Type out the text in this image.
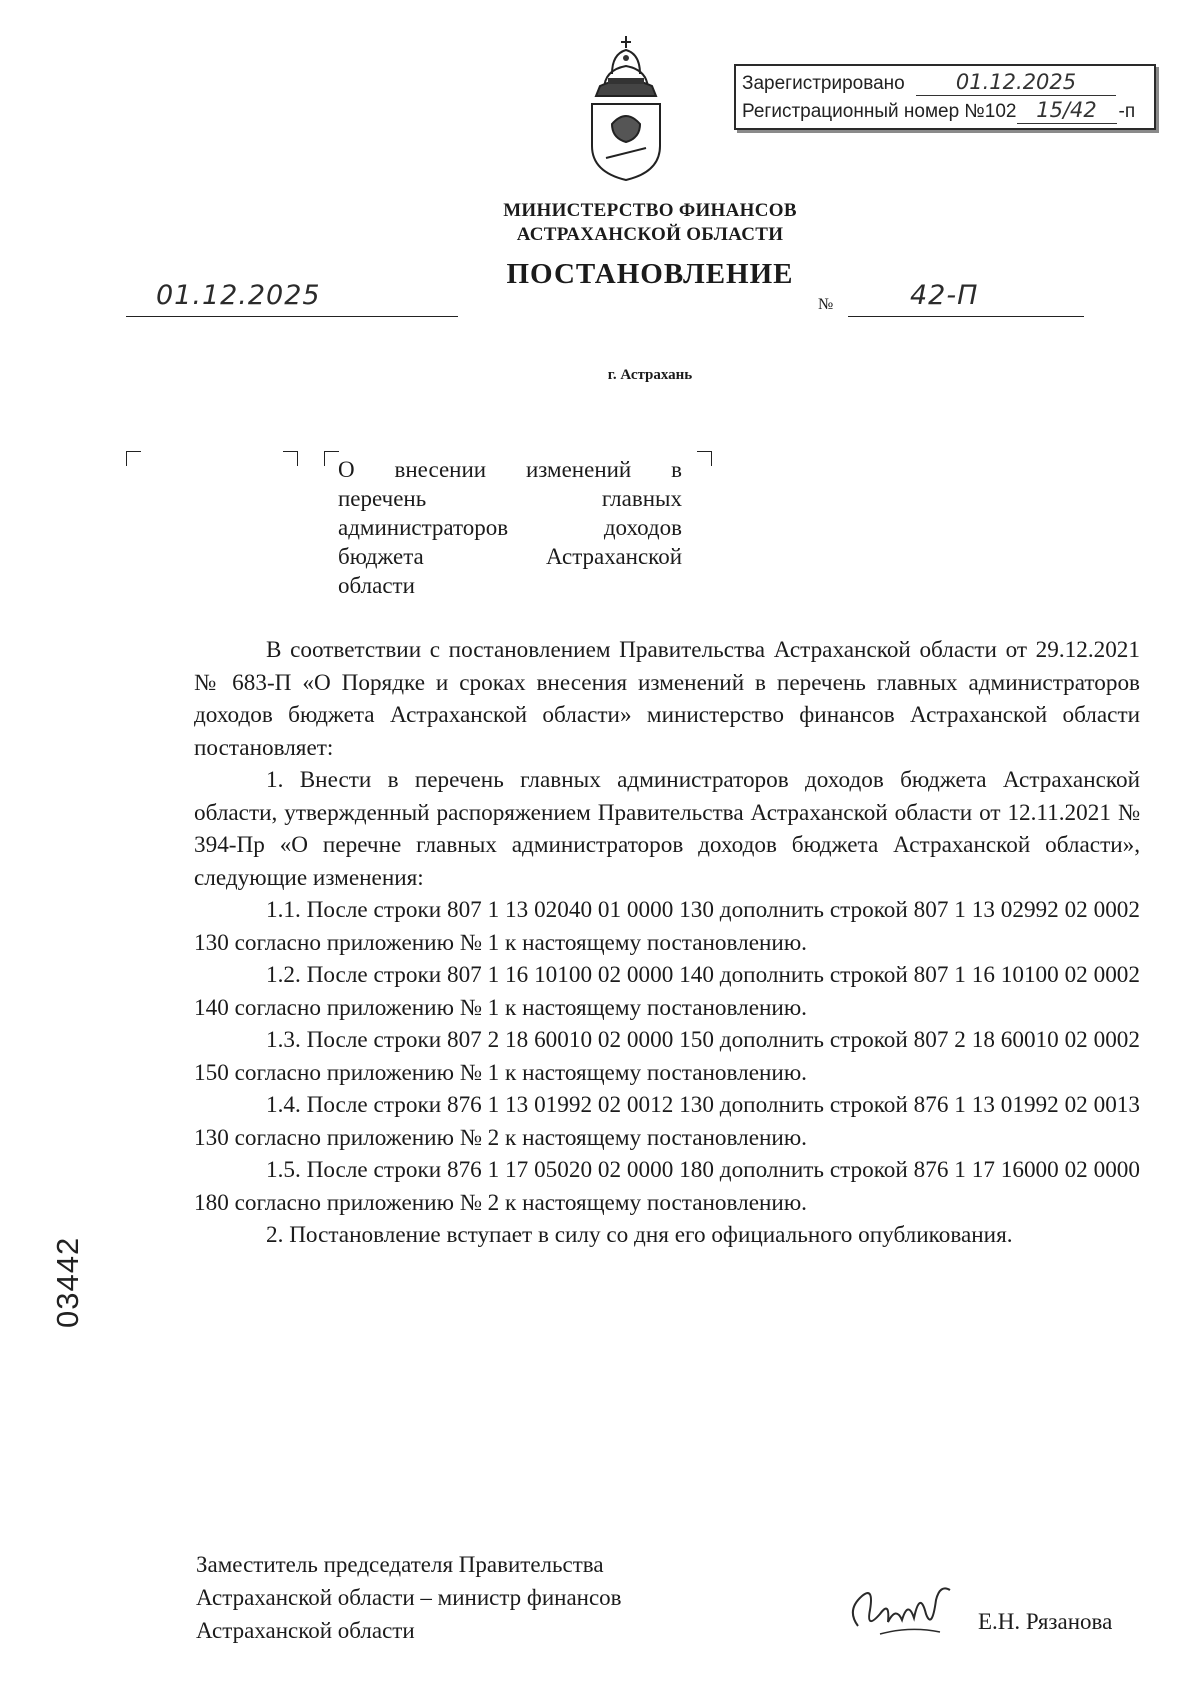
Зарегистрировано 01.12.2025
Регистрационный номер №102 15/42 -п
МИНИСТЕРСТВО ФИНАНСОВ
АСТРАХАНСКОЙ ОБЛАСТИ
ПОСТАНОВЛЕНИЕ
01.12.2025	№	42-П
г. Астрахань
О внесении изменений в
перечень главных
администраторов доходов
бюджета Астраханской
области

В соответствии с постановлением Правительства Астраханской области от 29.12.2021 № 683-П «О Порядке и сроках внесения изменений в перечень главных администраторов доходов бюджета Астраханской области» министерство финансов Астраханской области постановляет:

1. Внести в перечень главных администраторов доходов бюджета Астраханской области, утвержденный распоряжением Правительства Астраханской области от 12.11.2021 № 394-Пр «О перечне главных администраторов доходов бюджета Астраханской области», следующие изменения:

1.1. После строки 807 1 13 02040 01 0000 130 дополнить строкой 807 1 13 02992 02 0002 130 согласно приложению № 1 к настоящему постановлению.

1.2. После строки 807 1 16 10100 02 0000 140 дополнить строкой 807 1 16 10100 02 0002 140 согласно приложению № 1 к настоящему постановлению.

1.3. После строки 807 2 18 60010 02 0000 150 дополнить строкой 807 2 18 60010 02 0002 150 согласно приложению № 1 к настоящему постановлению.

1.4. После строки 876 1 13 01992 02 0012 130 дополнить строкой 876 1 13 01992 02 0013 130 согласно приложению № 2 к настоящему постановлению.

1.5. После строки 876 1 17 05020 02 0000 180 дополнить строкой 876 1 17 16000 02 0000 180 согласно приложению № 2 к настоящему постановлению.

2. Постановление вступает в силу со дня его официального опубликования.

Заместитель председателя Правительства
Астраханской области – министр финансов
Астраханской области	Е.Н. Рязанова
03442
